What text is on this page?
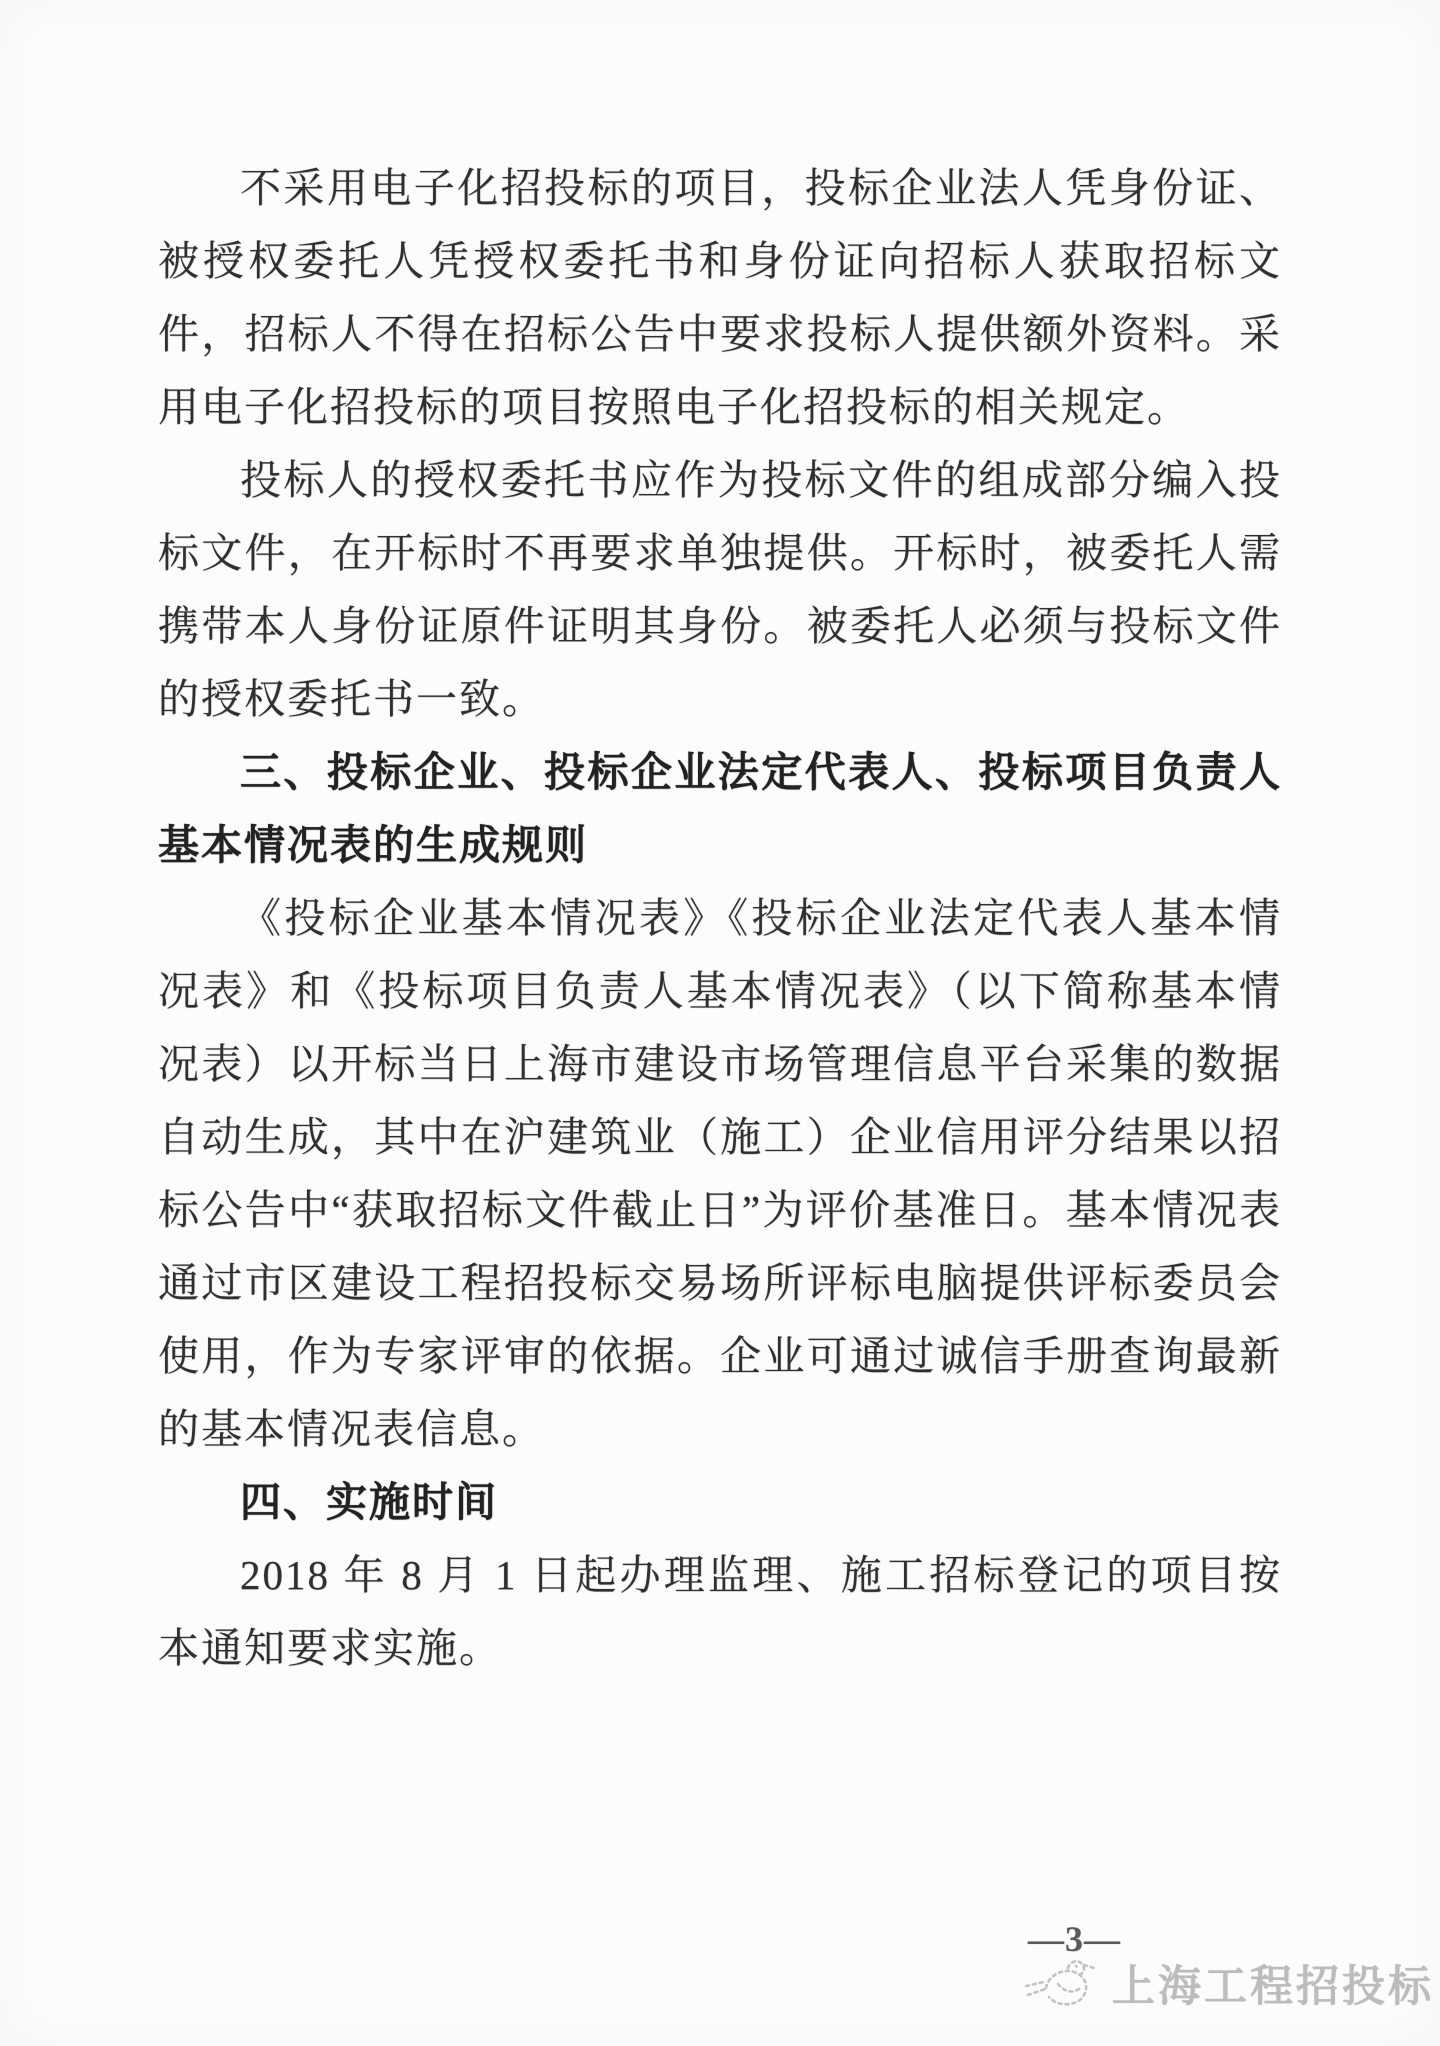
不采用电子化招投标的项目，投标企业法人凭身份证、被授权委托人凭授权委托书和身份证向招标人获取招标文件，招标人不得在招标公告中要求投标人提供额外资料。采用电子化招投标的项目按照电子化招投标的相关规定。

投标人的授权委托书应作为投标文件的组成部分编入投标文件，在开标时不再要求单独提供。开标时，被委托人需携带本人身份证原件证明其身份。被委托人必须与投标文件的授权委托书一致。

三、投标企业、投标企业法定代表人、投标项目负责人基本情况表的生成规则

《投标企业基本情况表》《投标企业法定代表人基本情况表》和《投标项目负责人基本情况表》（以下简称基本情况表）以开标当日上海市建设市场管理信息平台采集的数据自动生成，其中在沪建筑业（施工）企业信用评分结果以招标公告中“获取招标文件截止日”为评价基准日。基本情况表通过市区建设工程招投标交易场所评标电脑提供评标委员会使用，作为专家评审的依据。企业可通过诚信手册查询最新的基本情况表信息。

四、实施时间

2018 年 8 月 1 日起办理监理、施工招标登记的项目按本通知要求实施。

—3—
上海工程招投标
